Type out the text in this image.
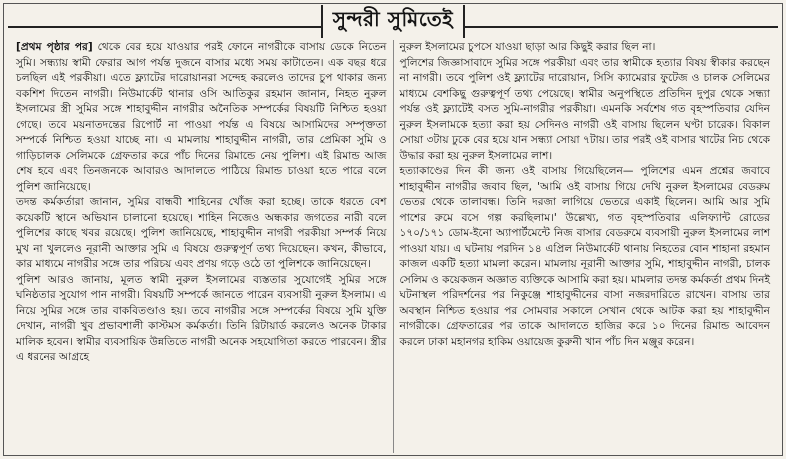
সুন্দরী সুমিতেই

[প্রথম পৃষ্ঠার পর] থেকে বের হয়ে যাওয়ার পরই ফোনে নাগরীকে বাসায় ডেকে নিতেন সুমি। সন্ধ্যায় স্বামী ফেরার আগ পর্যন্ত দুজনে বাসার মধ্যে সময় কাটাতেন। এক বছর ধরে চলছিল এই পরকীয়া। এতে ফ্ল্যাটের দারোয়ানরা সন্দেহ করলেও তাদের চুপ থাকার জন্য বকশিশ দিতেন নাগরী। নিউমার্কেট থানার ওসি আতিকুর রহমান জানান, নিহত নুরুল ইসলামের স্ত্রী সুমির সঙ্গে শাহাবুদ্দীন নাগরীর অনৈতিক সম্পর্কের বিষয়টি নিশ্চিত হওয়া গেছে। তবে ময়নাতদন্তের রিপোর্ট না পাওয়া পর্যন্ত এ বিষয়ে আসামিদের সম্পৃক্ততা সম্পর্কে নিশ্চিত হওয়া যাচ্ছে না। এ মামলায় শাহাবুদ্দীন নাগরী, তার প্রেমিকা সুমি ও গাড়িচালক সেলিমকে গ্রেফতার করে পাঁচ দিনের রিমান্ডে নেয় পুলিশ। এই রিমান্ড আজ শেষ হবে এবং তিনজনকে আবারও আদালতে পাঠিয়ে রিমান্ড চাওয়া হতে পারে বলে পুলিশ জানিয়েছে।

তদন্ত কর্মকর্তারা জানান, সুমির বান্ধবী শাহিনের খোঁজ করা হচ্ছে। তাকে ধরতে বেশ কয়েকটি স্থানে অভিযান চালানো হয়েছে। শাহিন নিজেও অন্ধকার জগতের নারী বলে পুলিশের কাছে খবর রয়েছে। পুলিশ জানিয়েছে, শাহাবুদ্দীন নাগরী পরকীয়া সম্পর্ক নিয়ে মুখ না খুললেও নূরানী আক্তার সুমি এ বিষয়ে গুরুত্বপূর্ণ তথ্য দিয়েছেন। কখন, কীভাবে, কার মাধ্যমে নাগরীর সঙ্গে তার পরিচয় এবং প্রণয় গড়ে ওঠে তা পুলিশকে জানিয়েছেন।

পুলিশ আরও জানায়, মূলত স্বামী নুরুল ইসলামের ব্যস্ততার সুযোগেই সুমির সঙ্গে ঘনিষ্ঠতার সুযোগ পান নাগরী। বিষয়টি সম্পর্কে জানতে পারেন ব্যবসায়ী নুরুল ইসলাম। এ নিয়ে সুমির সঙ্গে তার বাকবিতণ্ডাও হয়। তবে নাগরীর সঙ্গে সম্পর্কের বিষয়ে সুমি যুক্তি দেখান, নাগরী খুব প্রভাবশালী কাস্টমস কর্মকর্তা। তিনি রিটায়ার্ড করলেও অনেক টাকার মালিক হবেন। স্বামীর ব্যবসায়িক উন্নতিতে নাগরী অনেক সহযোগিতা করতে পারবেন। স্ত্রীর এ ধরনের আগ্রহে

নুরুল ইসলামের চুপসে যাওয়া ছাড়া আর কিছুই করার ছিল না।

পুলিশের জিজ্ঞাসাবাদে সুমির সঙ্গে পরকীয়া এবং তার স্বামীকে হত্যার বিষয় স্বীকার করছেন না নাগরী। তবে পুলিশ ওই ফ্ল্যাটের দারোয়ান, সিসি ক্যামেরার ফুটেজ ও চালক সেলিমের মাধ্যমে বেশকিছু গুরুত্বপূর্ণ তথ্য পেয়েছে। স্বামীর অনুপস্থিতে প্রতিদিন দুপুর থেকে সন্ধ্যা পর্যন্ত ওই ফ্ল্যাটেই বসত সুমি-নাগরীর পরকীয়া। এমনকি সর্বশেষ গত বৃহস্পতিবার যেদিন নুরুল ইসলামকে হত্যা করা হয় সেদিনও নাগরী ওই বাসায় ছিলেন ঘণ্টা চারেক। বিকাল সোয়া ৩টায় ঢুকে বের হয়ে যান সন্ধ্যা সোয়া ৭টায়। তার পরই ওই বাসার খাটের নিচ থেকে উদ্ধার করা হয় নুরুল ইসলামের লাশ।

হত্যাকাণ্ডের দিন কী জন্য ওই বাসায় গিয়েছিলেন— পুলিশের এমন প্রশ্নের জবাবে শাহাবুদ্দীন নাগরীর জবাব ছিল, 'আমি ওই বাসায় গিয়ে দেখি নুরুল ইসলামের বেডরুম ভেতর থেকে তালাবন্ধ। তিনি দরজা লাগিয়ে ভেতরে একাই ছিলেন। আমি আর সুমি পাশের রুমে বসে গল্প করছিলাম।' উল্লেখ্য, গত বৃহস্পতিবার এলিফ্যান্ট রোডের ১৭০/১৭১ ডোম-ইনো অ্যাপার্টমেন্টে নিজ বাসার বেডরুমে ব্যবসায়ী নুরুল ইসলামের লাশ পাওয়া যায়। এ ঘটনায় পরদিন ১৪ এপ্রিল নিউমার্কেট থানায় নিহতের বোন শাহানা রহমান কাজল একটি হত্যা মামলা করেন। মামলায় নূরানী আক্তার সুমি, শাহাবুদ্দীন নাগরী, চালক সেলিম ও কয়েকজন অজ্ঞাত ব্যক্তিকে আসামি করা হয়। মামলার তদন্ত কর্মকর্তা প্রথম দিনই ঘটনাস্থল পরিদর্শনের পর নিকুঞ্জে শাহাবুদ্দীনের বাসা নজরদারিতে রাখেন। বাসায় তার অবস্থান নিশ্চিত হওয়ার পর সোমবার সকালে সেখান থেকে আটক করা হয় শাহাবুদ্দীন নাগরীকে। গ্রেফতারের পর তাকে আদালতে হাজির করে ১০ দিনের রিমান্ড আবেদন করলে ঢাকা মহানগর হাকিম ওয়ায়েজ কুরুনী খান পাঁচ দিন মঞ্জুর করেন।
